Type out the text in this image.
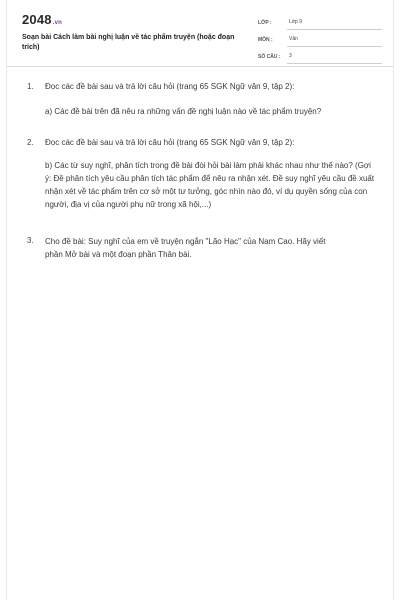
2048.vn
Soạn bài Cách làm bài nghị luận về tác phẩm truyện (hoặc đoạn trích)
LỚP :	Lớp 9
MÔN :	Văn
SỐ CÂU :	3
1. Đọc các đề bài sau và trả lời câu hỏi (trang 65 SGK Ngữ văn 9, tập 2):
a) Các đề bài trên đã nêu ra những vấn đề nghị luận nào về tác phẩm truyện?
2. Đọc các đề bài sau và trả lời câu hỏi (trang 65 SGK Ngữ văn 9, tập 2):
b) Các từ suy nghĩ, phân tích trong đề bài đòi hỏi bài làm phải khác nhau như thế nào? (Gợi ý: Đề phân tích yêu cầu phân tích tác phẩm để nêu ra nhận xét. Đề suy nghĩ yêu cầu đề xuất nhận xét về tác phẩm trên cơ sở một tư tưởng, góc nhìn nào đó, ví dụ quyền sống của con người, địa vị của người phụ nữ trong xã hội,...)
3. Cho đề bài: Suy nghĩ của em về truyện ngắn "Lão Hạc" của Nam Cao. Hãy viết phần Mở bài và một đoạn phần Thân bài.
